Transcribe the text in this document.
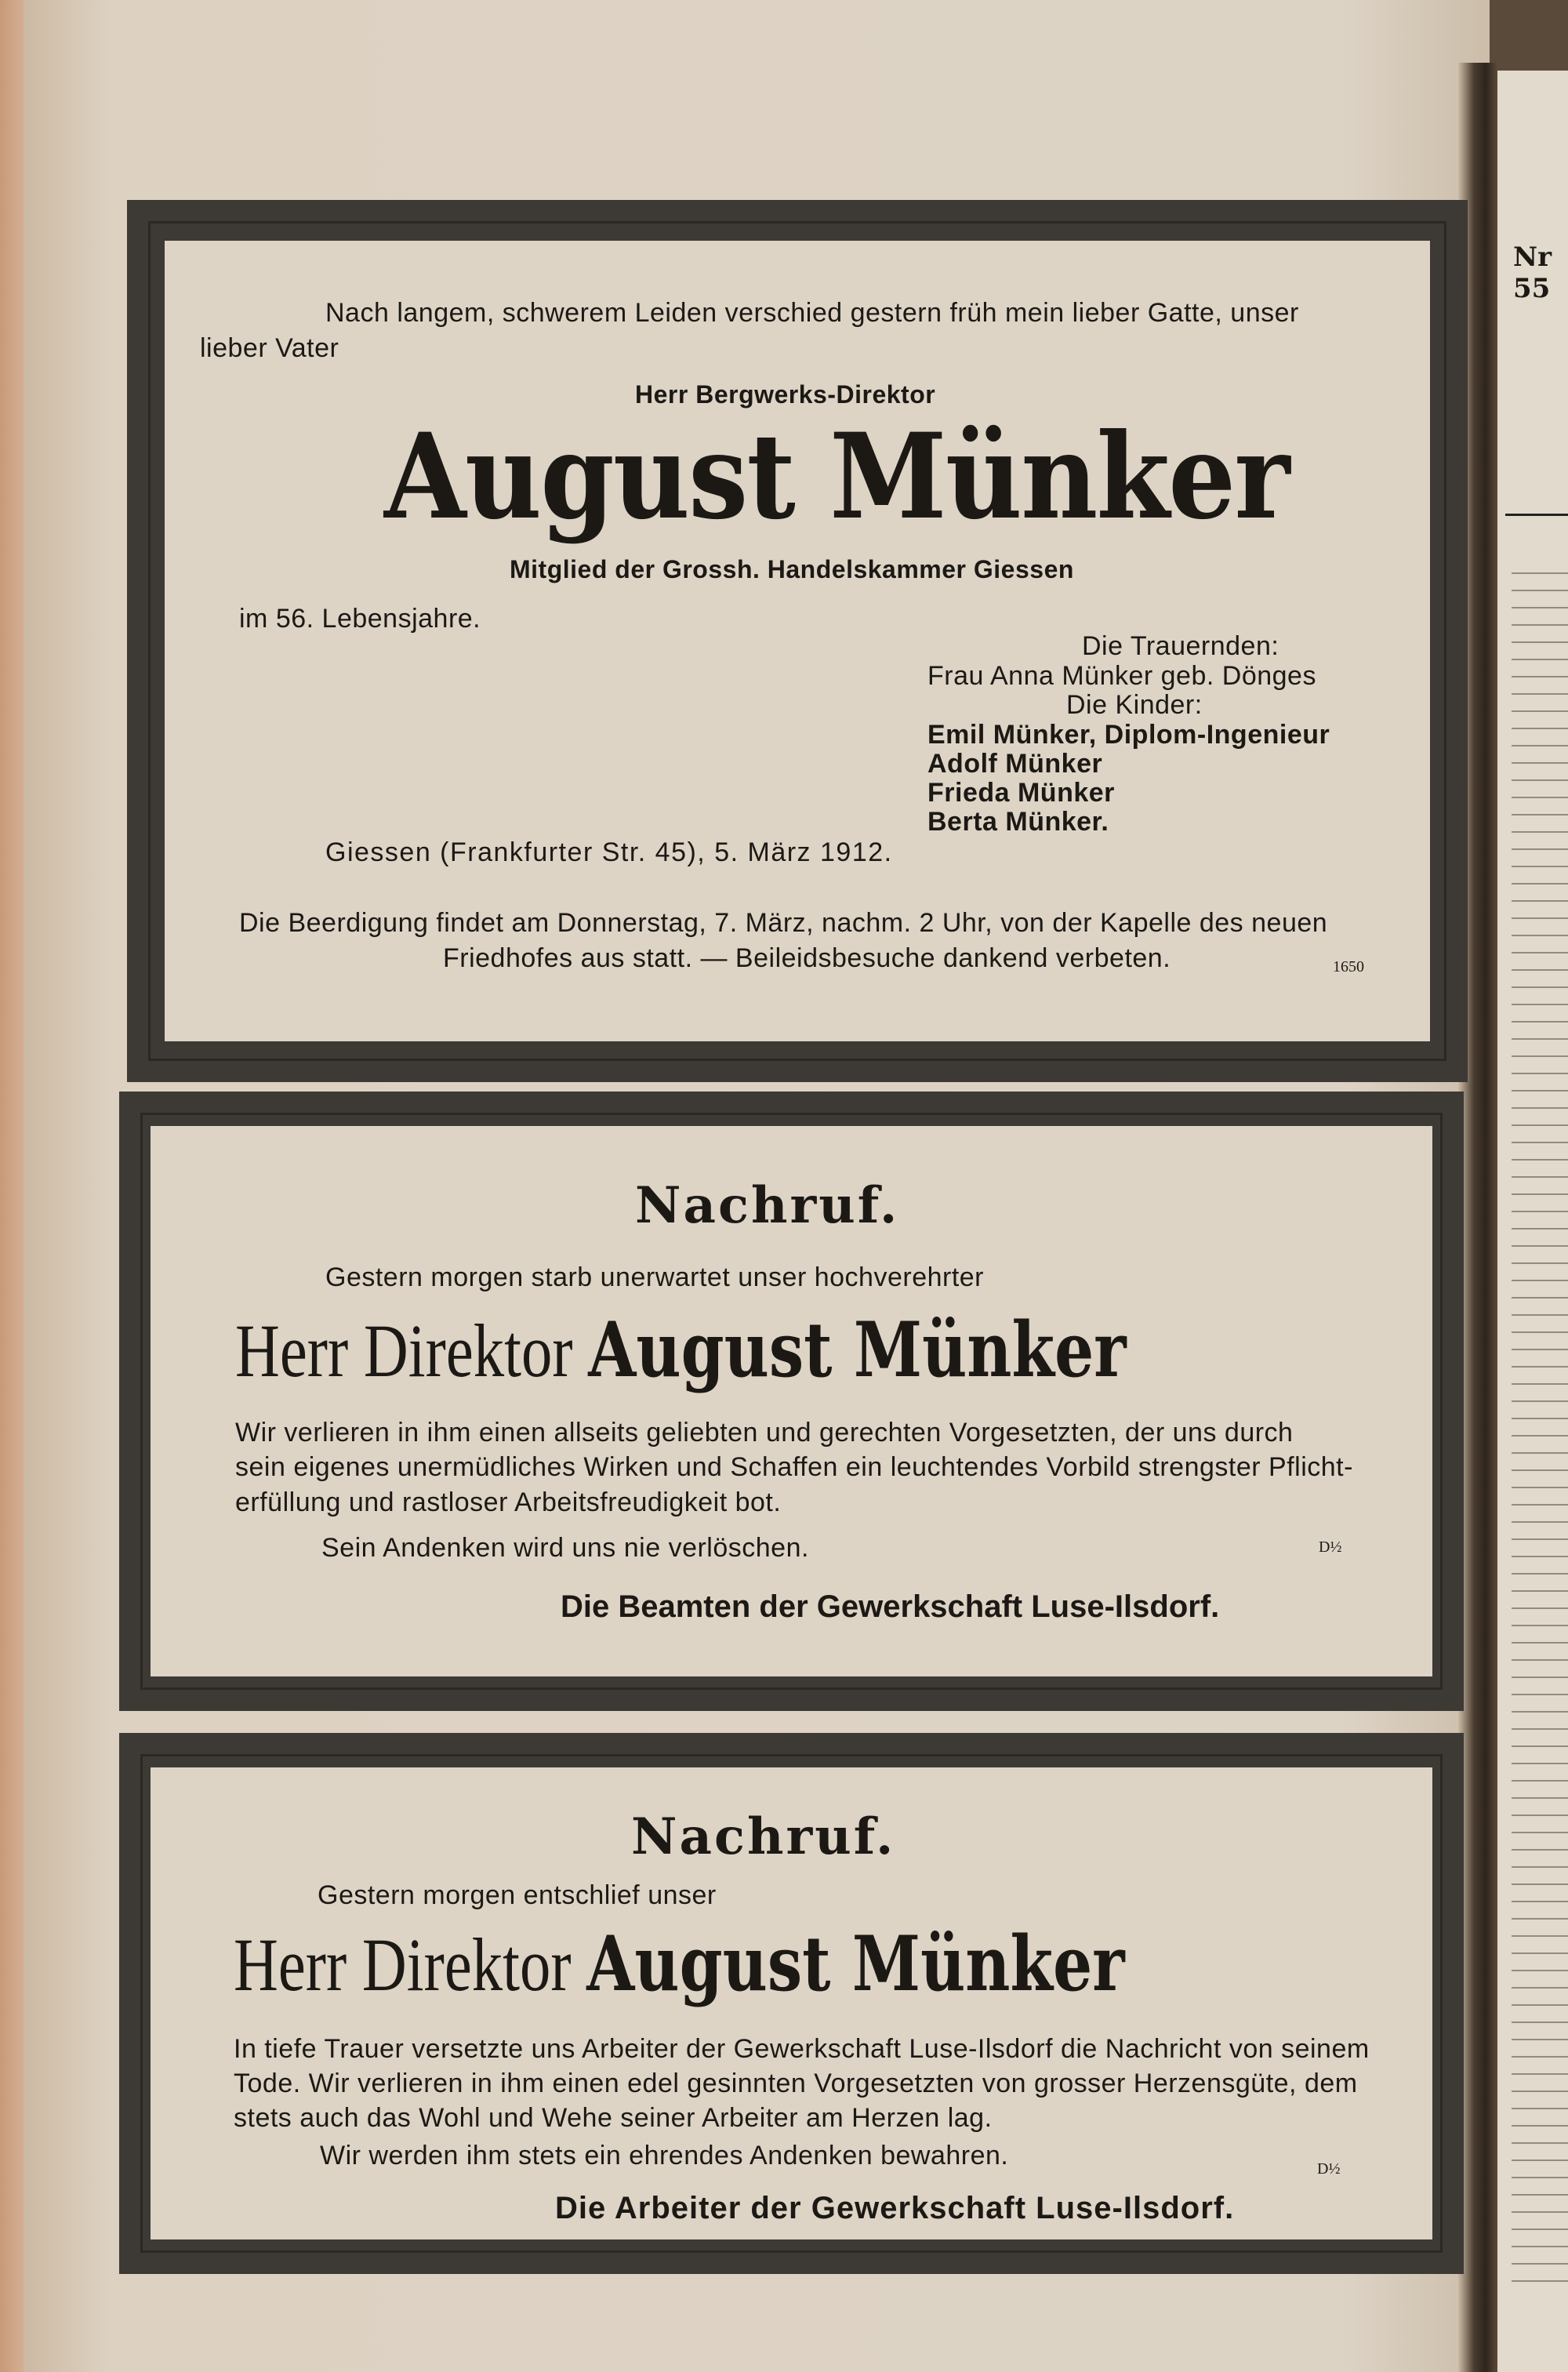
Nr 55
Nach langem, schwerem Leiden verschied gestern früh mein lieber Gatte, unser
lieber Vater
Herr Bergwerks-Direktor
August Münker
Mitglied der Grossh. Handelskammer Giessen
im 56. Lebensjahre.
Die Trauernden:
Frau Anna Münker geb. Dönges
Die Kinder:
Emil Münker, Diplom-Ingenieur
Adolf Münker
Frieda Münker
Berta Münker.
Giessen (Frankfurter Str. 45), 5. März 1912.
Die Beerdigung findet am Donnerstag, 7. März, nachm. 2 Uhr, von der Kapelle des neuen
Friedhofes aus statt. — Beileidsbesuche dankend verbeten.	1650
Nachruf.
Gestern morgen starb unerwartet unser hochverehrter
Herr Direktor August Münker
Wir verlieren in ihm einen allseits geliebten und gerechten Vorgesetzten, der uns durch
sein eigenes unermüdliches Wirken und Schaffen ein leuchtendes Vorbild strengster Pflicht-
erfüllung und rastloser Arbeitsfreudigkeit bot.
Sein Andenken wird uns nie verlöschen.	D½
Die Beamten der Gewerkschaft Luse-Ilsdorf.
Nachruf.
Gestern morgen entschlief unser
Herr Direktor August Münker
In tiefe Trauer versetzte uns Arbeiter der Gewerkschaft Luse-Ilsdorf die Nachricht von seinem
Tode. Wir verlieren in ihm einen edel gesinnten Vorgesetzten von grosser Herzensgüte, dem
stets auch das Wohl und Wehe seiner Arbeiter am Herzen lag.
Wir werden ihm stets ein ehrendes Andenken bewahren.	D½
Die Arbeiter der Gewerkschaft Luse-Ilsdorf.
